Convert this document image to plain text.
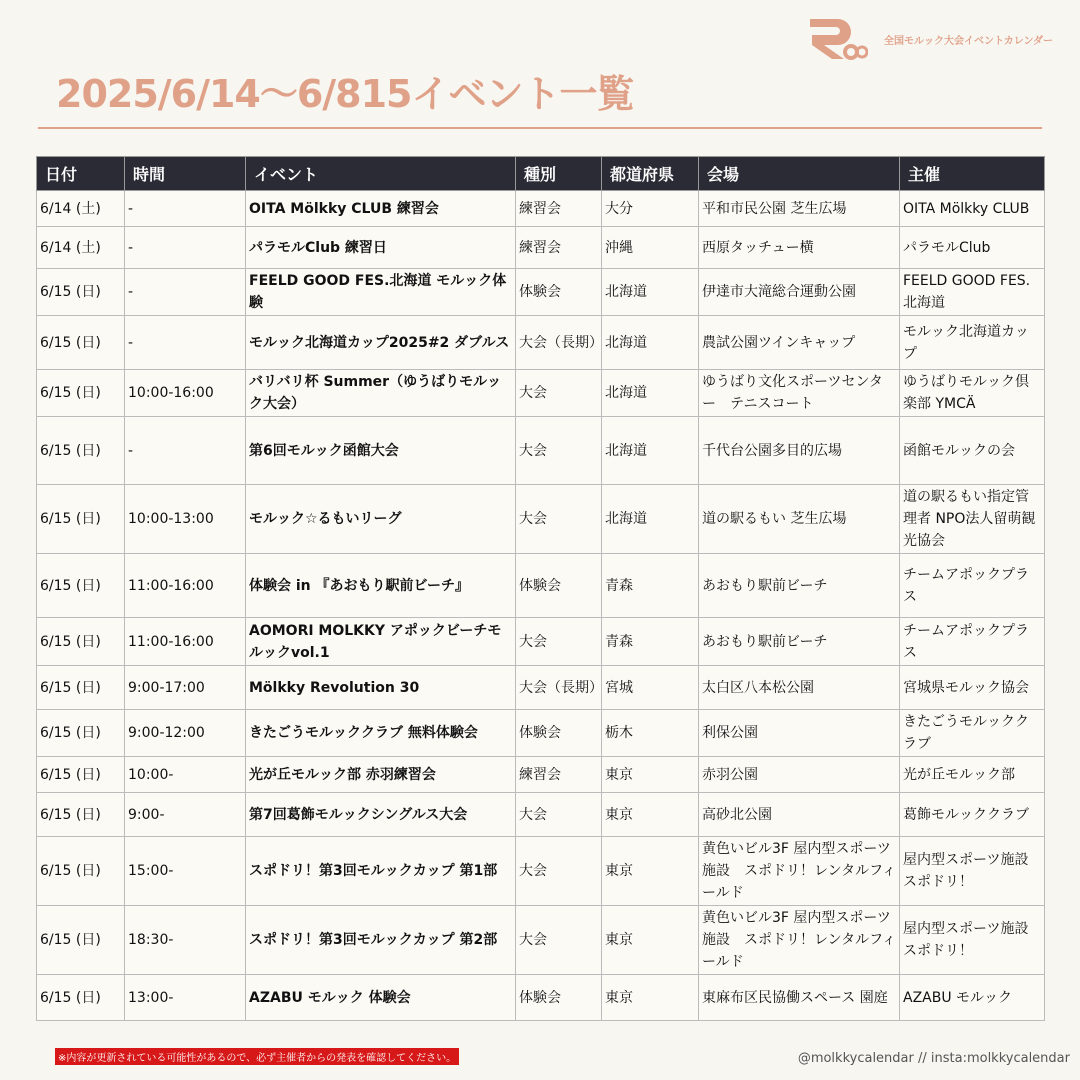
全国モルック大会イベントカレンダー
2025/6/14〜6/815イベント一覧
日付	時間	イベント	種別	都道府県	会場	主催
6/14 (土)	-	OITA Mölkky CLUB 練習会	練習会	大分	平和市民公園 芝生広場	OITA Mölkky CLUB
6/14 (土)	-	パラモルClub 練習日	練習会	沖縄	西原タッチュー横	パラモルClub
6/15 (日)	-	FEELD GOOD FES.北海道 モルック体験	体験会	北海道	伊達市大滝総合運動公園	FEELD GOOD FES.北海道
6/15 (日)	-	モルック北海道カップ2025#2 ダブルス	大会（長期）	北海道	農試公園ツインキャップ	モルック北海道カップ
6/15 (日)	10:00-16:00	バリバリ杯 Summer（ゆうばりモルック大会）	大会	北海道	ゆうばり文化スポーツセンター　テニスコート	ゆうばりモルック倶楽部 YMCÄ
6/15 (日)	-	第6回モルック函館大会	大会	北海道	千代台公園多目的広場	函館モルックの会
6/15 (日)	10:00-13:00	モルック☆るもいリーグ	大会	北海道	道の駅るもい 芝生広場	道の駅るもい指定管理者 NPO法人留萌観光協会
6/15 (日)	11:00-16:00	体験会 in 『あおもり駅前ビーチ』	体験会	青森	あおもり駅前ビーチ	チームアポックプラス
6/15 (日)	11:00-16:00	AOMORI MOLKKY アポックビーチモルックvol.1	大会	青森	あおもり駅前ビーチ	チームアポックプラス
6/15 (日)	9:00-17:00	Mölkky Revolution 30	大会（長期）	宮城	太白区八本松公園	宮城県モルック協会
6/15 (日)	9:00-12:00	きたごうモルッククラブ 無料体験会	体験会	栃木	利保公園	きたごうモルッククラブ
6/15 (日)	10:00-	光が丘モルック部 赤羽練習会	練習会	東京	赤羽公園	光が丘モルック部
6/15 (日)	9:00-	第7回葛飾モルックシングルス大会	大会	東京	高砂北公園	葛飾モルッククラブ
6/15 (日)	15:00-	スポドリ！第3回モルックカップ 第1部	大会	東京	黄色いビル3F 屋内型スポーツ施設　スポドリ！レンタルフィールド	屋内型スポーツ施設　スポドリ！
6/15 (日)	18:30-	スポドリ！第3回モルックカップ 第2部	大会	東京	黄色いビル3F 屋内型スポーツ施設　スポドリ！レンタルフィールド	屋内型スポーツ施設　スポドリ！
6/15 (日)	13:00-	AZABU モルック 体験会	体験会	東京	東麻布区民協働スペース 園庭	AZABU モルック
※内容が更新されている可能性があるので、必ず主催者からの発表を確認してください。	@molkkycalendar // insta:molkkycalendar
